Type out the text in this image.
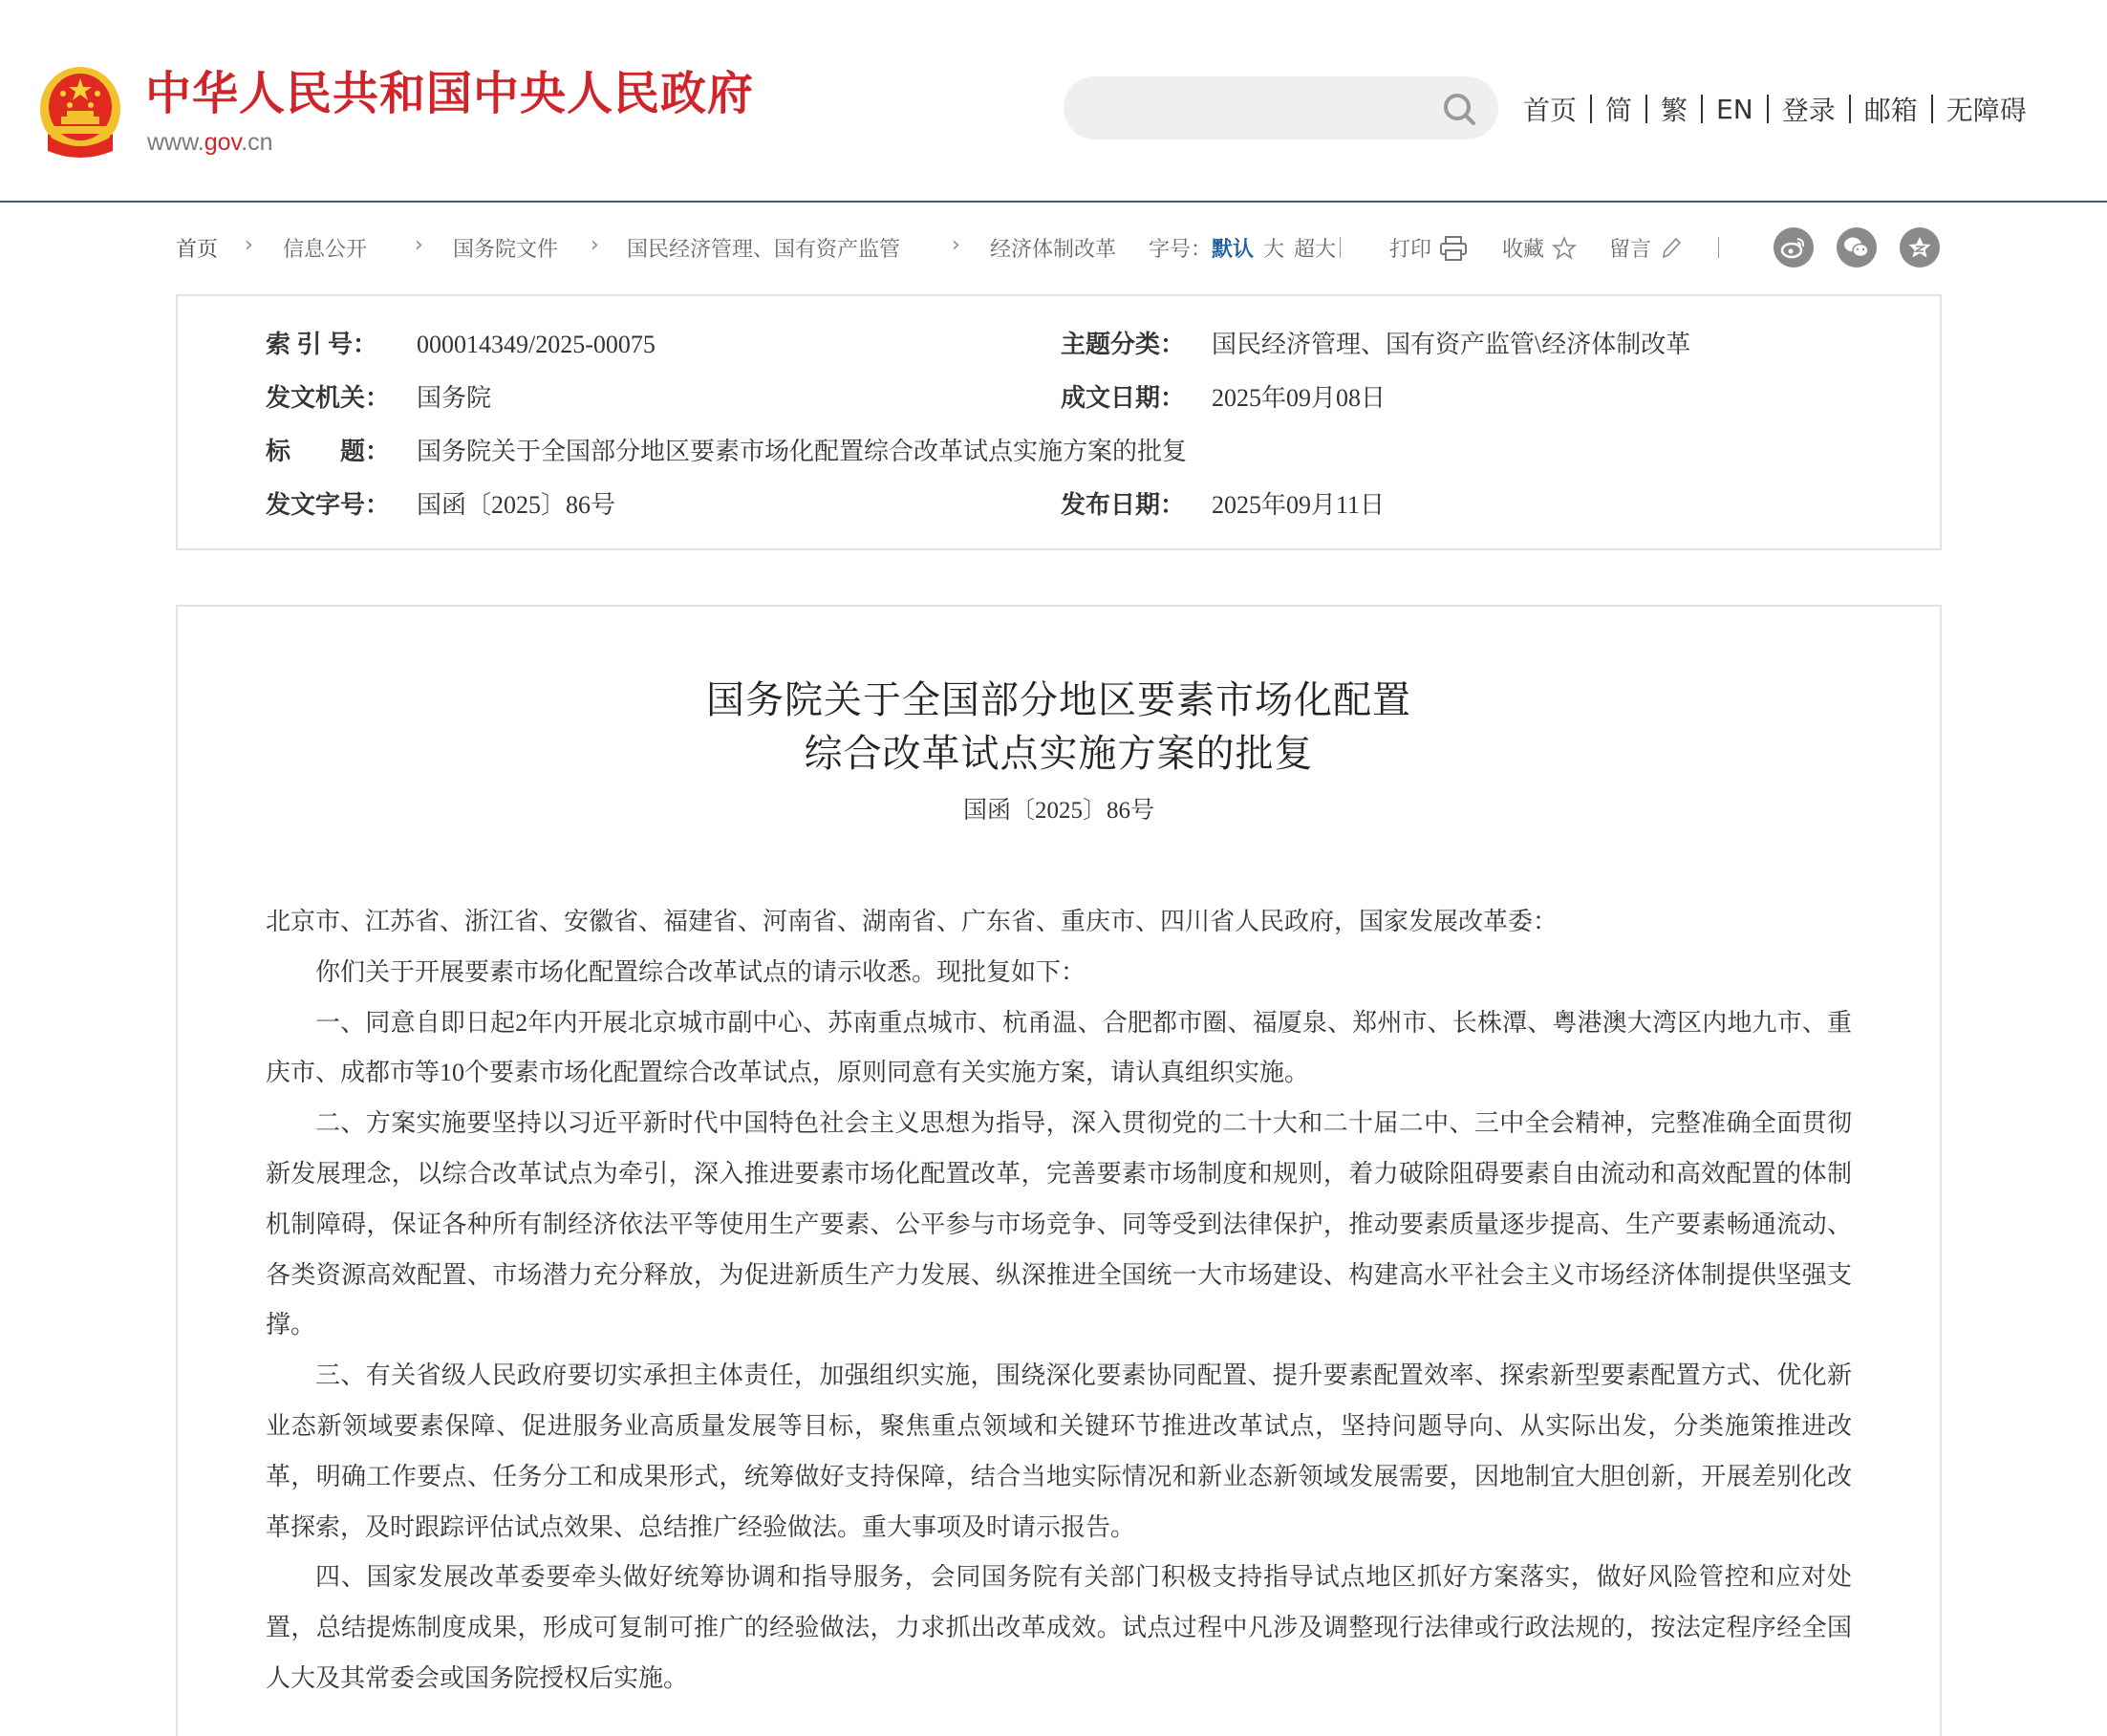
中华人民共和国中央人民政府
www.gov.cn
首页 简 繁 EN 登录 邮箱 无障碍
首页 › 信息公开 › 国务院文件 › 国民经济管理、国有资产监管 › 经济体制改革 字号：默认 大 超大	打印	收藏	留言
索 引 号： 000014349/2025-00075	主题分类： 国民经济管理、国有资产监管\经济体制改革
发文机关： 国务院	成文日期： 2025年09月08日
标　　题： 国务院关于全国部分地区要素市场化配置综合改革试点实施方案的批复
发文字号： 国函〔2025〕86号	发布日期： 2025年09月11日
国务院关于全国部分地区要素市场化配置
综合改革试点实施方案的批复
国函〔2025〕86号

北京市、江苏省、浙江省、安徽省、福建省、河南省、湖南省、广东省、重庆市、四川省人民政府，国家发展改革委：

你们关于开展要素市场化配置综合改革试点的请示收悉。现批复如下：

一、同意自即日起2年内开展北京城市副中心、苏南重点城市、杭甬温、合肥都市圈、福厦泉、郑州市、长株潭、粤港澳大湾区内地九市、重庆市、成都市等10个要素市场化配置综合改革试点，原则同意有关实施方案，请认真组织实施。

二、方案实施要坚持以习近平新时代中国特色社会主义思想为指导，深入贯彻党的二十大和二十届二中、三中全会精神，完整准确全面贯彻新发展理念，以综合改革试点为牵引，深入推进要素市场化配置改革，完善要素市场制度和规则，着力破除阻碍要素自由流动和高效配置的体制机制障碍，保证各种所有制经济依法平等使用生产要素、公平参与市场竞争、同等受到法律保护，推动要素质量逐步提高、生产要素畅通流动、各类资源高效配置、市场潜力充分释放，为促进新质生产力发展、纵深推进全国统一大市场建设、构建高水平社会主义市场经济体制提供坚强支撑。

三、有关省级人民政府要切实承担主体责任，加强组织实施，围绕深化要素协同配置、提升要素配置效率、探索新型要素配置方式、优化新业态新领域要素保障、促进服务业高质量发展等目标，聚焦重点领域和关键环节推进改革试点，坚持问题导向、从实际出发，分类施策推进改革，明确工作要点、任务分工和成果形式，统筹做好支持保障，结合当地实际情况和新业态新领域发展需要，因地制宜大胆创新，开展差别化改革探索，及时跟踪评估试点效果、总结推广经验做法。重大事项及时请示报告。

四、国家发展改革委要牵头做好统筹协调和指导服务，会同国务院有关部门积极支持指导试点地区抓好方案落实，做好风险管控和应对处置，总结提炼制度成果，形成可复制可推广的经验做法，力求抓出改革成效。试点过程中凡涉及调整现行法律或行政法规的，按法定程序经全国人大及其常委会或国务院授权后实施。
